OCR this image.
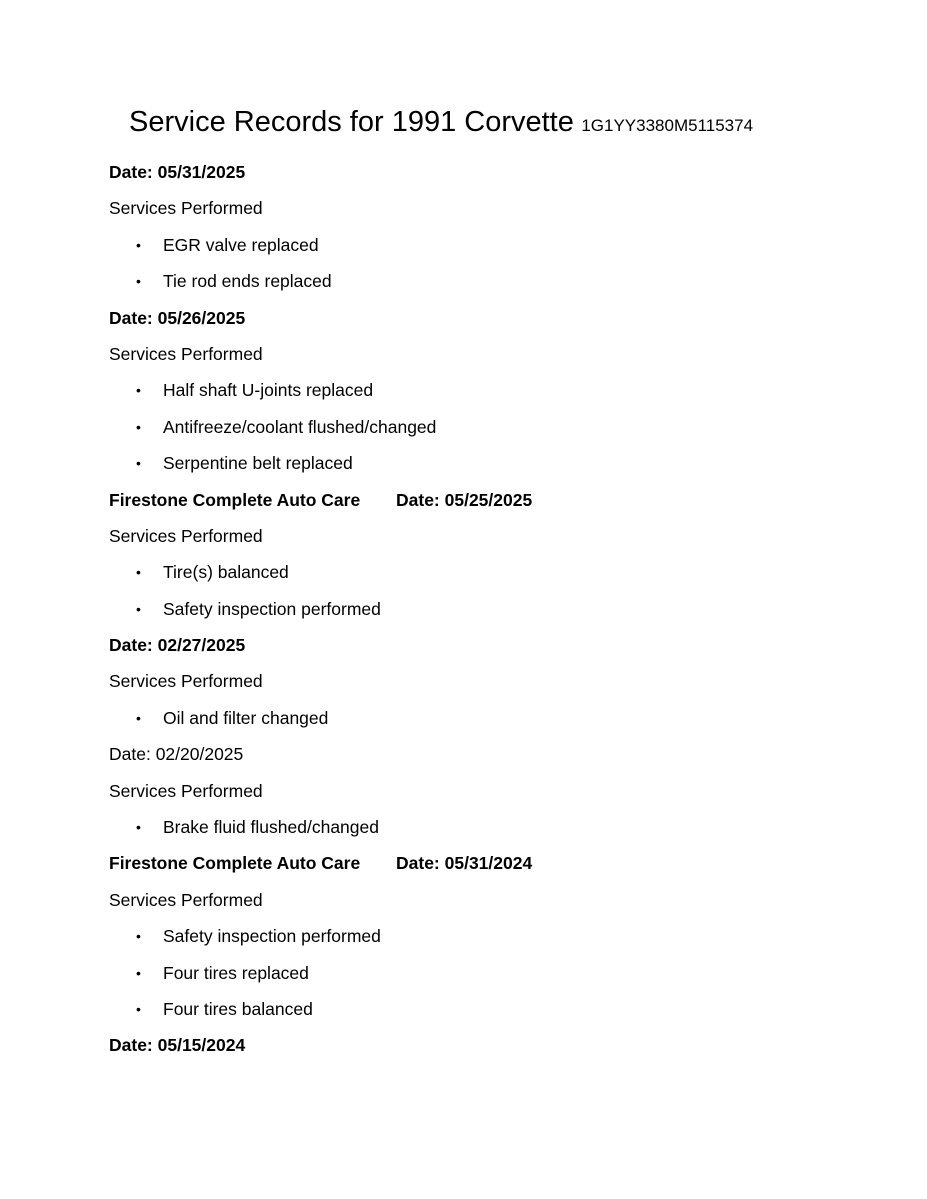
Service Records for 1991 Corvette 1G1YY3380M5115374
Date: 05/31/2025
Services Performed
• EGR valve replaced
• Tie rod ends replaced
Date: 05/26/2025
Services Performed
• Half shaft U-joints replaced
• Antifreeze/coolant flushed/changed
• Serpentine belt replaced
Firestone Complete Auto Care Date: 05/25/2025
Services Performed
• Tire(s) balanced
• Safety inspection performed
Date: 02/27/2025
Services Performed
• Oil and filter changed
Date: 02/20/2025
Services Performed
• Brake fluid flushed/changed
Firestone Complete Auto Care Date: 05/31/2024
Services Performed
• Safety inspection performed
• Four tires replaced
• Four tires balanced
Date: 05/15/2024
